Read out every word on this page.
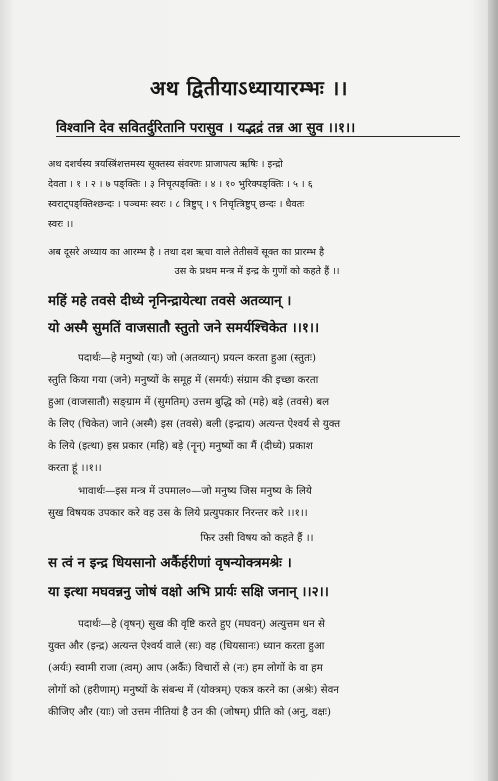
अथ द्वितीयाऽध्यायारम्भः ।।
विश्वानि देव सवितर्दुरितानि परासुव । यद्भद्रं तन्न आ सुव ।।१।।
अथ दशर्चस्य त्रयस्त्रिंशत्तमस्य सूक्तस्य संवरणः प्राजापत्य ऋषिः । इन्द्रो
देवता । १ । २ । ७ पङ्क्तिः । ३ निचृत्पङ्क्तिः । ४ । १० भुरिक्पङ्क्तिः । ५ । ६
स्वराट्पङ्क्तिश्छन्दः । पञ्चमः स्वरः । ८ त्रिष्टुप् । ९ निचृत्त्रिष्टुप् छन्दः । धैवतः
स्वरः ।।
अब दूसरे अध्याय का आरम्भ है । तथा दश ऋचा वाले तेतीसवें सूक्त का प्रारम्भ है
उस के प्रथम मन्त्र में इन्द्र के गुणों को कहते हैं ।।
महिं महे तवसे दीध्ये नृनिन्द्रायेत्था तवसे अतव्यान् ।
यो अस्मै सुमतिं वाजसातौ स्तुतो जने समर्यश्चिकेत ।।१।।
पदार्थः—हे मनुष्यो (यः) जो (अतव्यान्) प्रयत्न करता हुआ (स्तुतः)
स्तुति किया गया (जने) मनुष्यों के समूह में (समर्यः) संग्राम की इच्छा करता
हुआ (वाजसातौ) सङ्ग्राम में (सुमतिम्) उत्तम बुद्धि को (महे) बड़े (तवसे) बल
के लिए (चिकेत) जाने (अस्मै) इस (तवसे) बली (इन्द्राय) अत्यन्त ऐश्वर्य से युक्त
के लिये (इत्था) इस प्रकार (महि) बड़े (नॄन्) मनुष्यों का मैं (दीध्ये) प्रकाश
करता हूं ।।१।।
भावार्थः—इस मन्त्र में उपमाल०—जो मनुष्य जिस मनुष्य के लिये
सुख विषयक उपकार करे वह उस के लिये प्रत्युपकार निरन्तर करे ।।१।।
फिर उसी विषय को कहते हैं ।।
स त्वं न इन्द्र धियसानो अर्कैर्हरीणां वृषन्योक्त्रमश्रेः ।
या इत्था मघवन्ननु जोषं वक्षो अभि प्रार्यः सक्षि जनान् ।।२।।
पदार्थः—हे (वृषन्) सुख की वृष्टि करते हुए (मघवन्) अत्युत्तम धन से
युक्त और (इन्द्र) अत्यन्त ऐश्वर्य वाले (सः) वह (धियसानः) ध्यान करता हुआ
(अर्यः) स्वामी राजा (त्वम्) आप (अर्कैः) विचारों से (नः) हम लोगों के वा हम
लोगों को (हरीणाम्) मनुष्यों के संबन्ध में (योक्त्रम्) एकत्र करने का (अश्रेः) सेवन
कीजिए और (याः) जो उत्तम नीतियां है उन की (जोषम्) प्रीति को (अनु, वक्षः)
